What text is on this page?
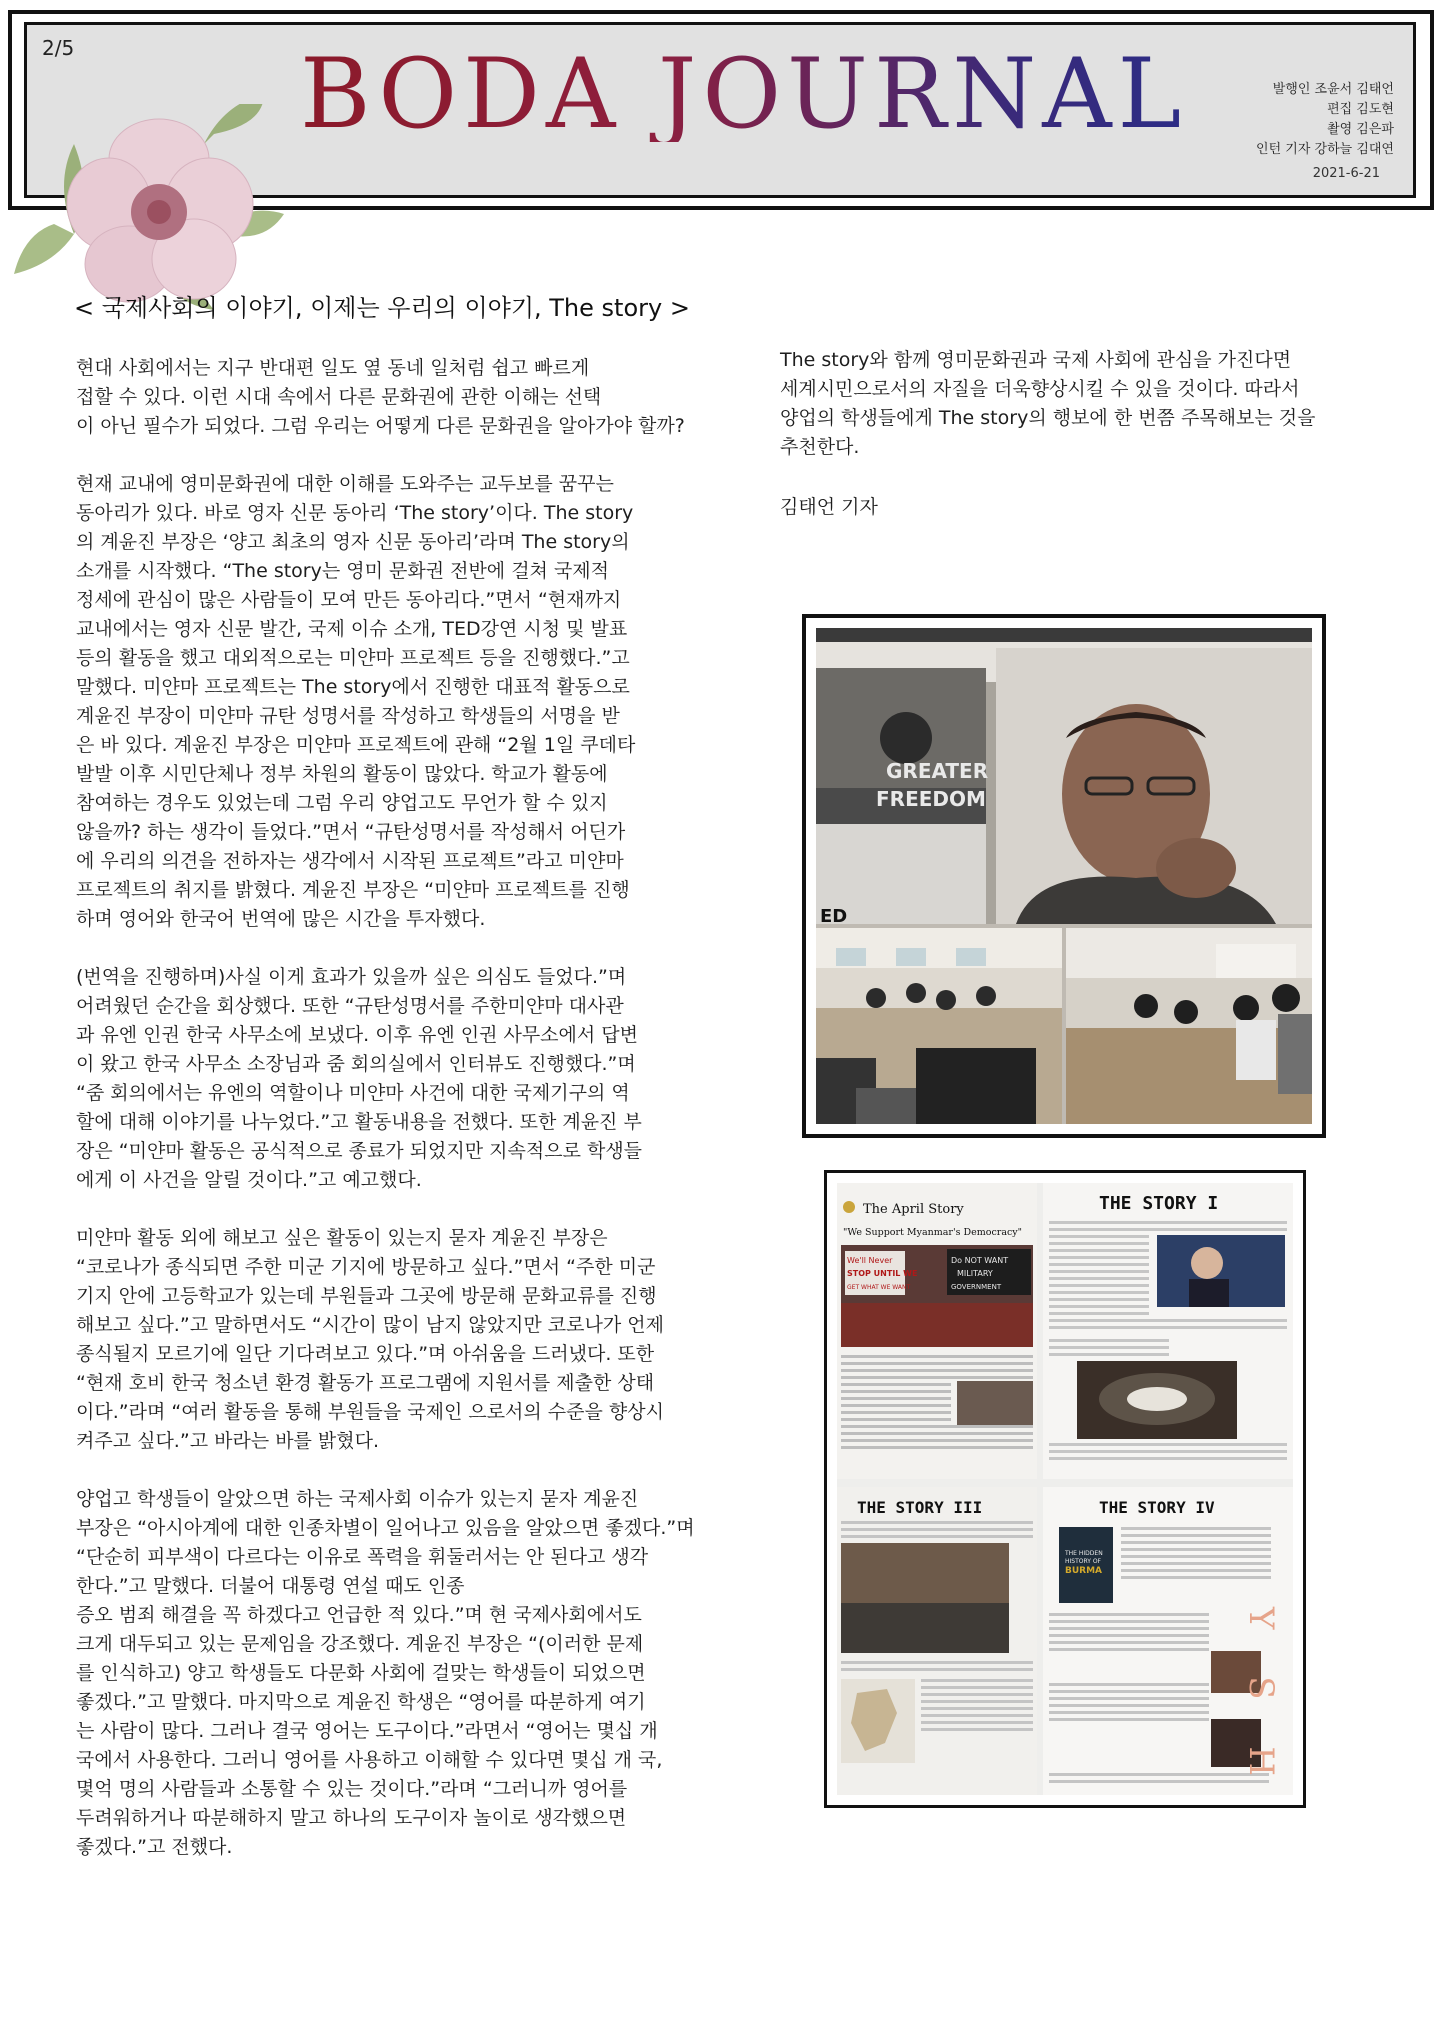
2/5 BODA JOURNAL	발행인 조윤서 김태언
편집 김도현
촬영 김은파
인턴 기자 강하늘 김대연
2021-6-21
< 국제사회의 이야기, 이제는 우리의 이야기, The story >

현대 사회에서는 지구 반대편 일도 옆 동네 일처럼 쉽고 빠르게
접할 수 있다. 이런 시대 속에서 다른 문화권에 관한 이해는 선택
이 아닌 필수가 되었다. 그럼 우리는 어떻게 다른 문화권을 알아가야 할까?

현재 교내에 영미문화권에 대한 이해를 도와주는 교두보를 꿈꾸는
동아리가 있다. 바로 영자 신문 동아리 ‘The story’이다. The story
의 계윤진 부장은 ‘양고 최초의 영자 신문 동아리’라며 The story의
소개를 시작했다. “The story는 영미 문화권 전반에 걸쳐 국제적
정세에 관심이 많은 사람들이 모여 만든 동아리다.”면서 “현재까지
교내에서는 영자 신문 발간, 국제 이슈 소개, TED강연 시청 및 발표
등의 활동을 했고 대외적으로는 미얀마 프로젝트 등을 진행했다.”고
말했다. 미얀마 프로젝트는 The story에서 진행한 대표적 활동으로
계윤진 부장이 미얀마 규탄 성명서를 작성하고 학생들의 서명을 받
은 바 있다. 계윤진 부장은 미얀마 프로젝트에 관해 “2월 1일 쿠데타
발발 이후 시민단체나 정부 차원의 활동이 많았다. 학교가 활동에
참여하는 경우도 있었는데 그럼 우리 양업고도 무언가 할 수 있지
않을까? 하는 생각이 들었다.”면서 “규탄성명서를 작성해서 어딘가
에 우리의 의견을 전하자는 생각에서 시작된 프로젝트”라고 미얀마
프로젝트의 취지를 밝혔다. 계윤진 부장은 “미얀마 프로젝트를 진행
하며 영어와 한국어 번역에 많은 시간을 투자했다.

(번역을 진행하며)사실 이게 효과가 있을까 싶은 의심도 들었다.”며
어려웠던 순간을 회상했다. 또한 “규탄성명서를 주한미얀마 대사관
과 유엔 인권 한국 사무소에 보냈다. 이후 유엔 인권 사무소에서 답변
이 왔고 한국 사무소 소장님과 줌 회의실에서 인터뷰도 진행했다.”며
“줌 회의에서는 유엔의 역할이나 미얀마 사건에 대한 국제기구의 역
할에 대해 이야기를 나누었다.”고 활동내용을 전했다. 또한 계윤진 부
장은 “미얀마 활동은 공식적으로 종료가 되었지만 지속적으로 학생들
에게 이 사건을 알릴 것이다.”고 예고했다.

미얀마 활동 외에 해보고 싶은 활동이 있는지 묻자 계윤진 부장은
“코로나가 종식되면 주한 미군 기지에 방문하고 싶다.”면서 “주한 미군
기지 안에 고등학교가 있는데 부원들과 그곳에 방문해 문화교류를 진행
해보고 싶다.”고 말하면서도 “시간이 많이 남지 않았지만 코로나가 언제
종식될지 모르기에 일단 기다려보고 있다.”며 아쉬움을 드러냈다. 또한
“현재 호비 한국 청소년 환경 활동가 프로그램에 지원서를 제출한 상태
이다.”라며 “여러 활동을 통해 부원들을 국제인 으로서의 수준을 향상시
켜주고 싶다.”고 바라는 바를 밝혔다.

양업고 학생들이 알았으면 하는 국제사회 이슈가 있는지 묻자 계윤진
부장은 “아시아계에 대한 인종차별이 일어나고 있음을 알았으면 좋겠다.”며
“단순히 피부색이 다르다는 이유로 폭력을 휘둘러서는 안 된다고 생각
한다.”고 말했다. 더불어 대통령 연설 때도 인종
증오 범죄 해결을 꼭 하겠다고 언급한 적 있다.”며 현 국제사회에서도
크게 대두되고 있는 문제임을 강조했다. 계윤진 부장은 “(이러한 문제
를 인식하고) 양고 학생들도 다문화 사회에 걸맞는 학생들이 되었으면
좋겠다.”고 말했다. 마지막으로 계윤진 학생은 “영어를 따분하게 여기
는 사람이 많다. 그러나 결국 영어는 도구이다.”라면서 “영어는 몇십 개
국에서 사용한다. 그러니 영어를 사용하고 이해할 수 있다면 몇십 개 국,
몇억 명의 사람들과 소통할 수 있는 것이다.”라며 “그러니까 영어를
두려워하거나 따분해하지 말고 하나의 도구이자 놀이로 생각했으면
좋겠다.”고 전했다.

The story와 함께 영미문화권과 국제 사회에 관심을 가진다면
세계시민으로서의 자질을 더욱향상시킬 수 있을 것이다. 따라서
양업의 학생들에게 The story의 행보에 한 번쯤 주목해보는 것을
추천한다.
김태언 기자
GREATER
FREEDOM
ED
The April Story
"We Support Myanmar's Democracy"
We'll Never
STOP UNTIL WE
GET WHAT WE WANT
Do NOT WANT
MILITARY
GOVERNMENT
THE STORY I
THE STORY III	THE STORY IV
THE HIDDEN
HISTORY OF
BURMA
Y S H
